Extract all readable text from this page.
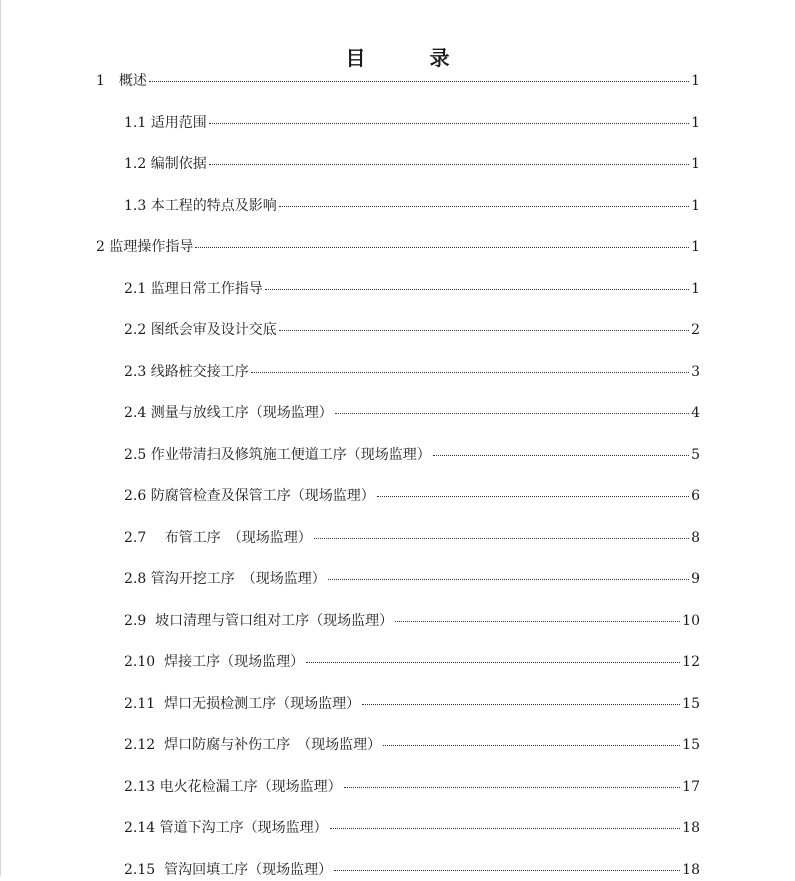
目　录
1　概述	1
1.1 适用范围	1
1.2 编制依据	1
1.3 本工程的特点及影响	1
2 监理操作指导	1
2.1 监理日常工作指导	1
2.2 图纸会审及设计交底	2
2.3 线路桩交接工序	3
2.4 测量与放线工序（现场监理）	4
2.5 作业带清扫及修筑施工便道工序（现场监理）	5
2.6 防腐管检查及保管工序（现场监理）	6
2.7　 布管工序　（现场监理）	8
2.8 管沟开挖工序　（现场监理）	9
2.9  坡口清理与管口组对工序（现场监理）	10
2.10  焊接工序（现场监理）	12
2.11  焊口无损检测工序（现场监理）	15
2.12  焊口防腐与补伤工序　（现场监理）	15
2.13 电火花检漏工序（现场监理）	17
2.14 管道下沟工序（现场监理）	18
2.15  管沟回填工序（现场监理）	18
